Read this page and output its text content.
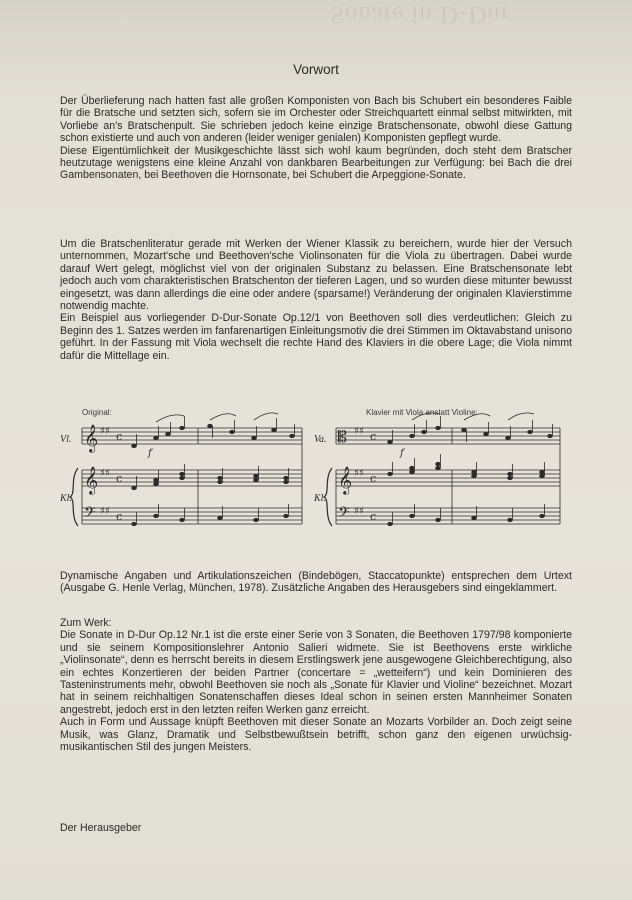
Sonate in D-Dur
Vorwort

Der Überlieferung nach hatten fast alle großen Komponisten von Bach bis Schubert ein besonderes Faible für die Bratsche und setzten sich, sofern sie im Orchester oder Streichquartett einmal selbst mitwirkten, mit Vorliebe an's Bratschenpult. Sie schrieben jedoch keine einzige Bratschensonate, obwohl diese Gattung schon existierte und auch von anderen (leider weniger genialen) Komponisten gepflegt wurde.

Diese Eigentümlichkeit der Musikgeschichte lässt sich wohl kaum begründen, doch steht dem Bratscher heutzutage wenigstens eine kleine Anzahl von dankbaren Bearbeitungen zur Verfügung: bei Bach die drei Gambensonaten, bei Beethoven die Hornsonate, bei Schubert die Arpeggione-Sonate.

Um die Bratschenliteratur gerade mit Werken der Wiener Klassik zu bereichern, wurde hier der Versuch unternommen, Mozart'sche und Beethoven'sche Violinsonaten für die Viola zu übertragen. Dabei wurde darauf Wert gelegt, möglichst viel von der originalen Substanz zu belassen. Eine Bratschensonate lebt jedoch auch vom charakteristischen Bratschenton der tieferen Lagen, und so wurden diese mitunter bewusst eingesetzt, was dann allerdings die eine oder andere (sparsame!) Veränderung der originalen Klavierstimme notwendig machte.

Ein Beispiel aus vorliegender D-Dur-Sonate Op.12/1 von Beethoven soll dies verdeutlichen: Gleich zu Beginn des 1. Satzes werden im fanfarenartigen Einleitungsmotiv die drei Stimmen im Oktavabstand unisono geführt. In der Fassung mit Viola wechselt die rechte Hand des Klaviers in die obere Lage; die Viola nimmt dafür die Mittellage ein.

Original:	Klavier mit Viola anstatt Violine:
Vl.
Kl.
Va.
Kl.
𝄞
𝄞
𝄢
♯♯
♯♯
♯♯
c
c
c
f	f
𝄡
𝄞
𝄢
♯♯
♯♯
♯♯
c
c
c

Dynamische Angaben und Artikulationszeichen (Bindebögen, Staccatopunkte) entsprechen dem Urtext (Ausgabe G. Henle Verlag, München, 1978). Zusätzliche Angaben des Herausgebers sind eingeklammert.

Zum Werk:

Die Sonate in D-Dur Op.12 Nr.1 ist die erste einer Serie von 3 Sonaten, die Beethoven 1797/98 komponierte und sie seinem Kompositionslehrer Antonio Salieri widmete. Sie ist Beethovens erste wirkliche „Violinsonate“, denn es herrscht bereits in diesem Erstlingswerk jene ausgewogene Gleichberechtigung, also ein echtes Konzertieren der beiden Partner (concertare = „wetteifern“) und kein Dominieren des Tasteninstruments mehr, obwohl Beethoven sie noch als „Sonate für Klavier und Violine“ bezeichnet. Mozart hat in seinem reichhaltigen Sonatenschaffen dieses Ideal schon in seinen ersten Mannheimer Sonaten angestrebt, jedoch erst in den letzten reifen Werken ganz erreicht.

Auch in Form und Aussage knüpft Beethoven mit dieser Sonate an Mozarts Vorbilder an. Doch zeigt seine Musik, was Glanz, Dramatik und Selbstbewußtsein betrifft, schon ganz den eigenen urwüchsig-musikantischen Stil des jungen Meisters.

Der Herausgeber
